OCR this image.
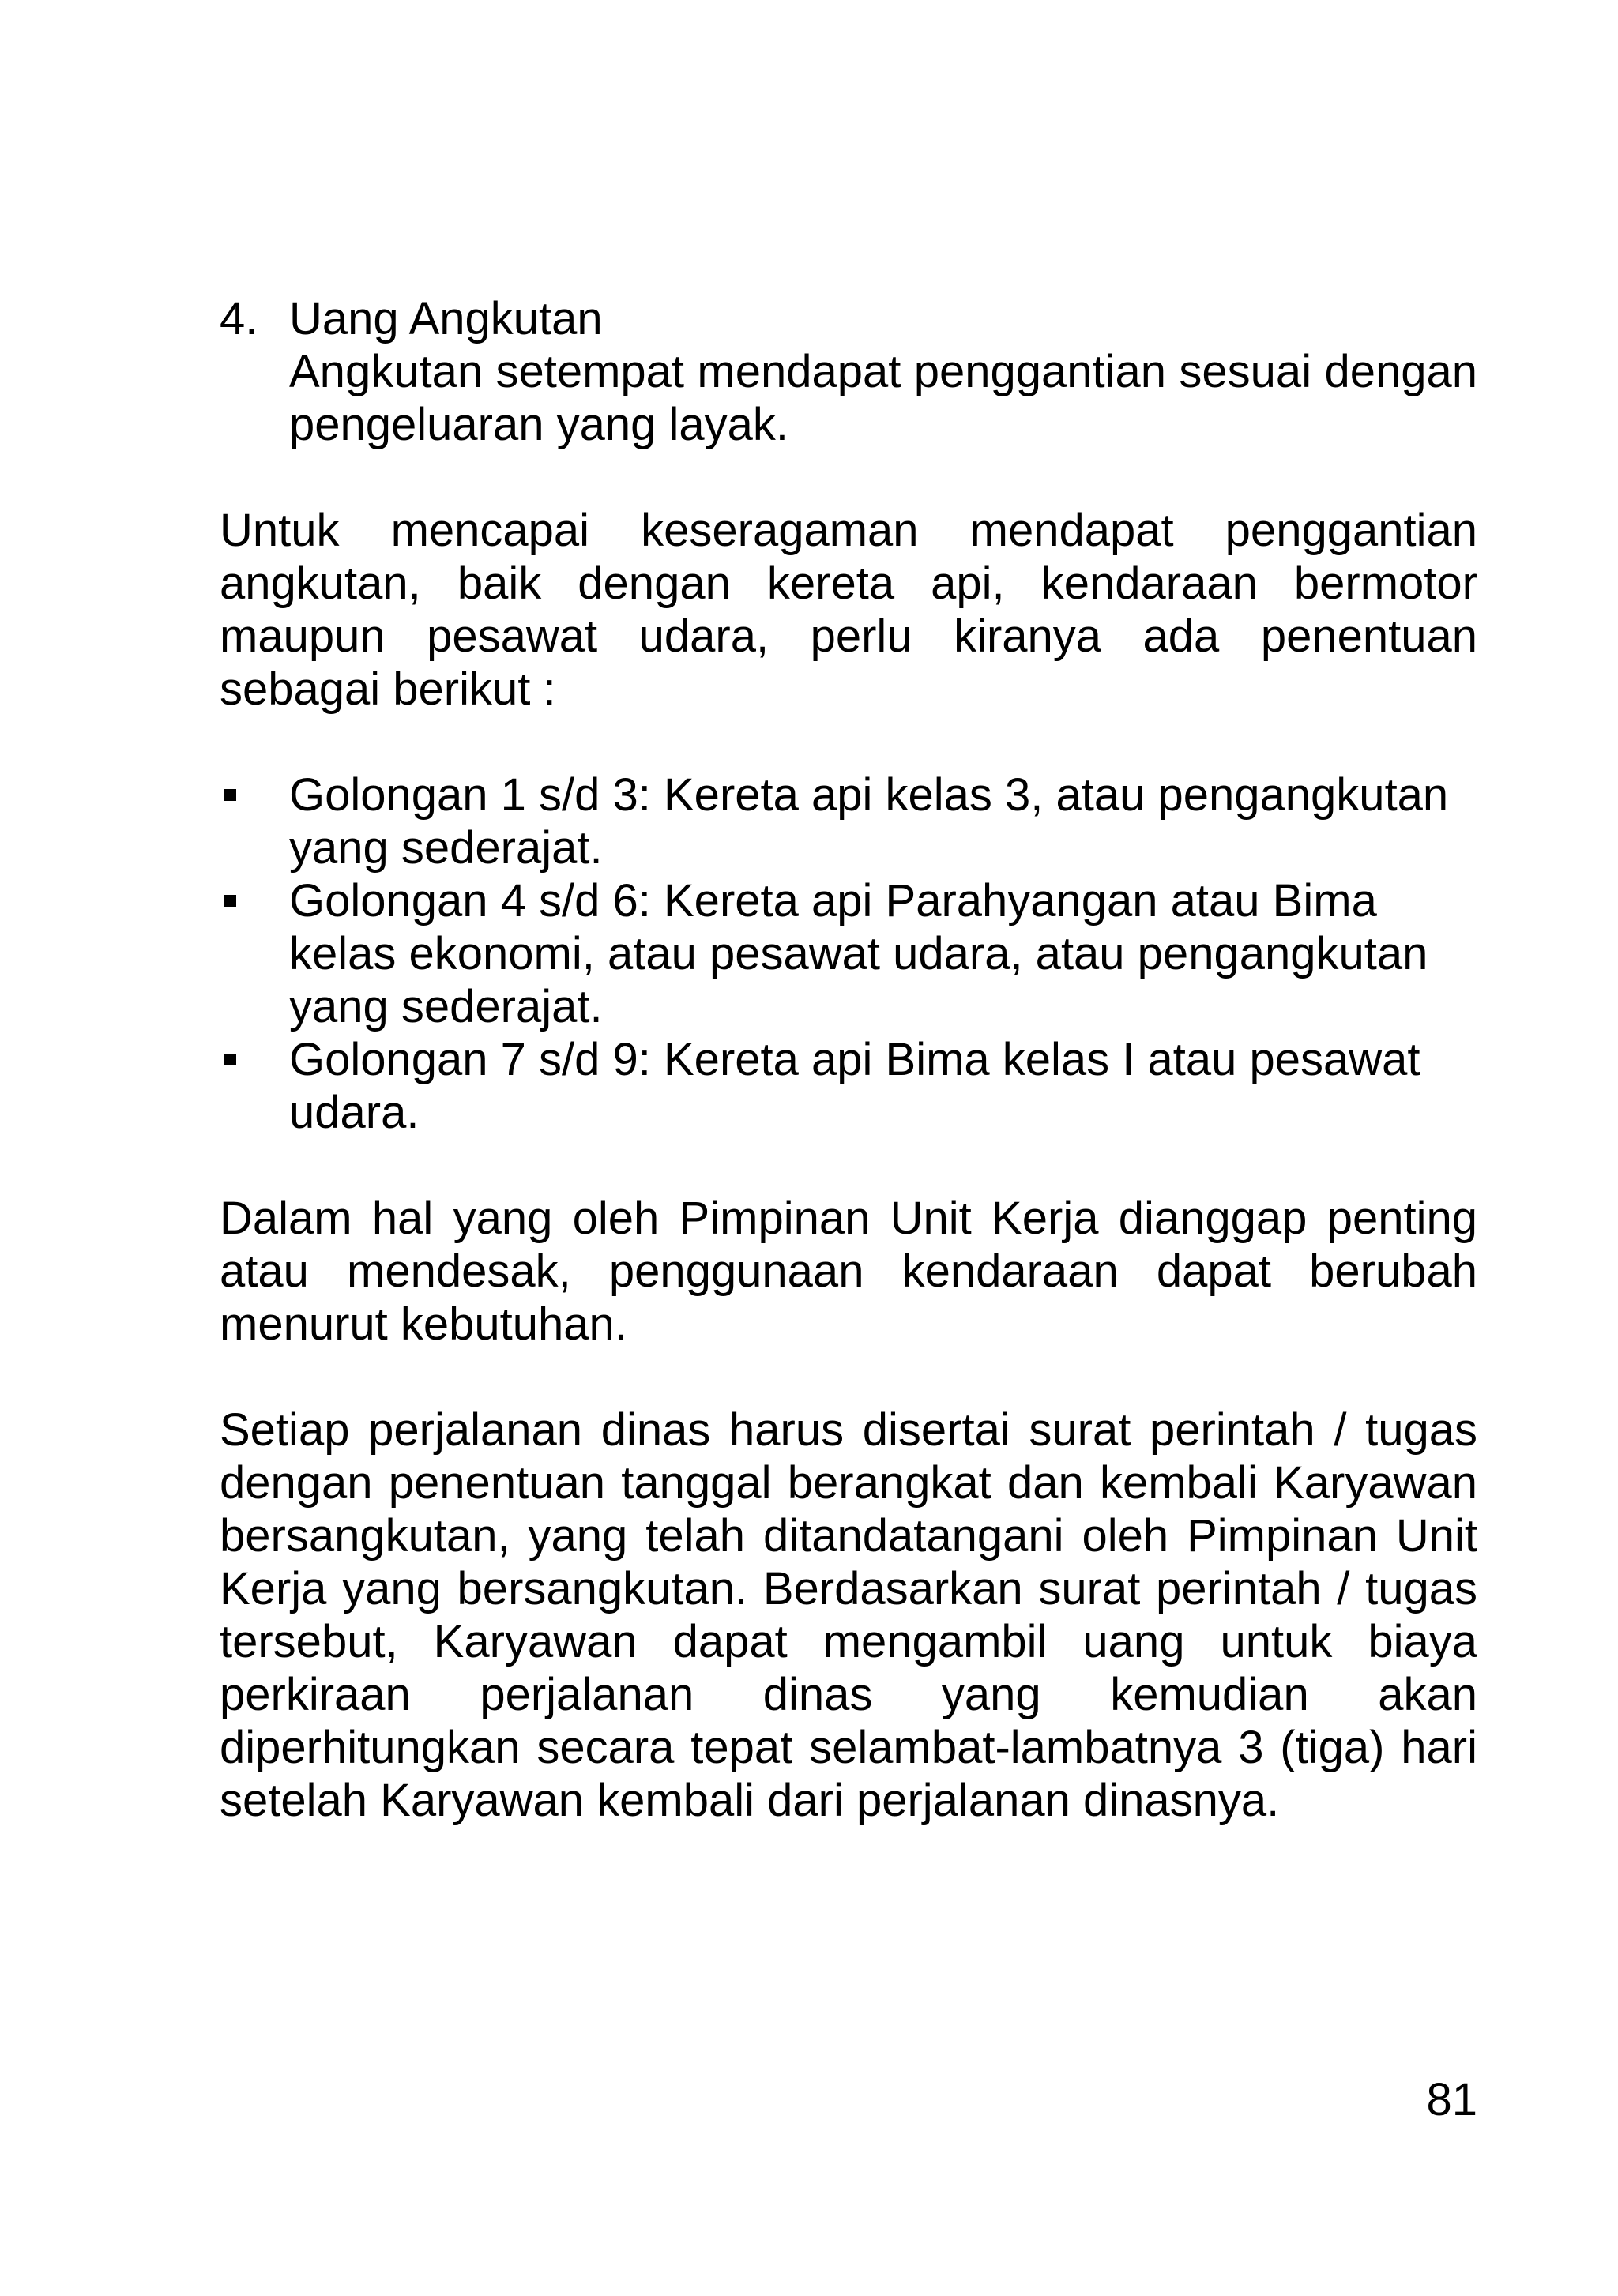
4. Uang Angkutan
Angkutan setempat mendapat penggantian sesuai dengan pengeluaran yang layak.
Untuk mencapai keseragaman mendapat penggantian angkutan, baik dengan kereta api, kendaraan bermotor maupun pesawat udara, perlu kiranya ada penentuan sebagai berikut :
Golongan 1 s/d 3: Kereta api kelas 3, atau pengangkutan yang sederajat.
Golongan 4 s/d 6: Kereta api Parahyangan atau Bima kelas ekonomi, atau pesawat udara, atau pengangkutan yang sederajat.
Golongan 7 s/d 9: Kereta api Bima kelas I atau pesawat udara.
Dalam hal yang oleh Pimpinan Unit Kerja dianggap penting atau mendesak, penggunaan kendaraan dapat berubah menurut kebutuhan.
Setiap perjalanan dinas harus disertai surat perintah / tugas dengan penentuan tanggal berangkat dan kembali Karyawan bersangkutan, yang telah ditandatangani oleh Pimpinan Unit Kerja yang bersangkutan. Berdasarkan surat perintah / tugas tersebut, Karyawan dapat mengambil uang untuk biaya perkiraan perjalanan dinas yang kemudian akan diperhitungkan secara tepat selambat-lambatnya 3 (tiga) hari setelah Karyawan kembali dari perjalanan dinasnya.
81
